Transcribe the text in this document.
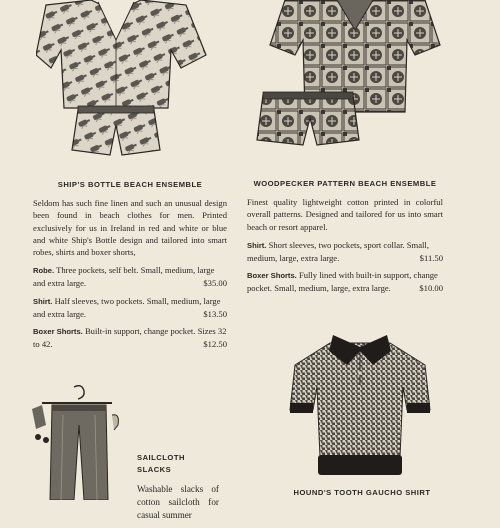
SHIP'S BOTTLE BEACH ENSEMBLE

Seldom has such fine linen and such an unusual design been found in beach clothes for men. Printed exclusively for us in Ireland in red and white or blue and white Ship's Bottle design and tailored into smart robes, shirts and boxer shorts,

Robe. Three pockets, self belt. Small, medium, large and extra large.	$35.00
Shirt. Half sleeves, two pockets. Small, medium, large and extra large.	$13.50
Boxer Shorts. Built-in support, change pocket. Sizes 32 to 42.	$12.50
WOODPECKER PATTERN BEACH ENSEMBLE

Finest quality lightweight cotton printed in colorful overall patterns. Designed and tailored for us into smart beach or resort apparel.

Shirt. Short sleeves, two pockets, sport collar. Small, medium, large, extra large.	$11.50
Boxer Shorts. Fully lined with built-in support, change pocket. Small, medium, large, extra large.	$10.00
SAILCLOTH SLACKS

Washable slacks of cotton sailcloth for casual summer

HOUND'S TOOTH GAUCHO SHIRT
